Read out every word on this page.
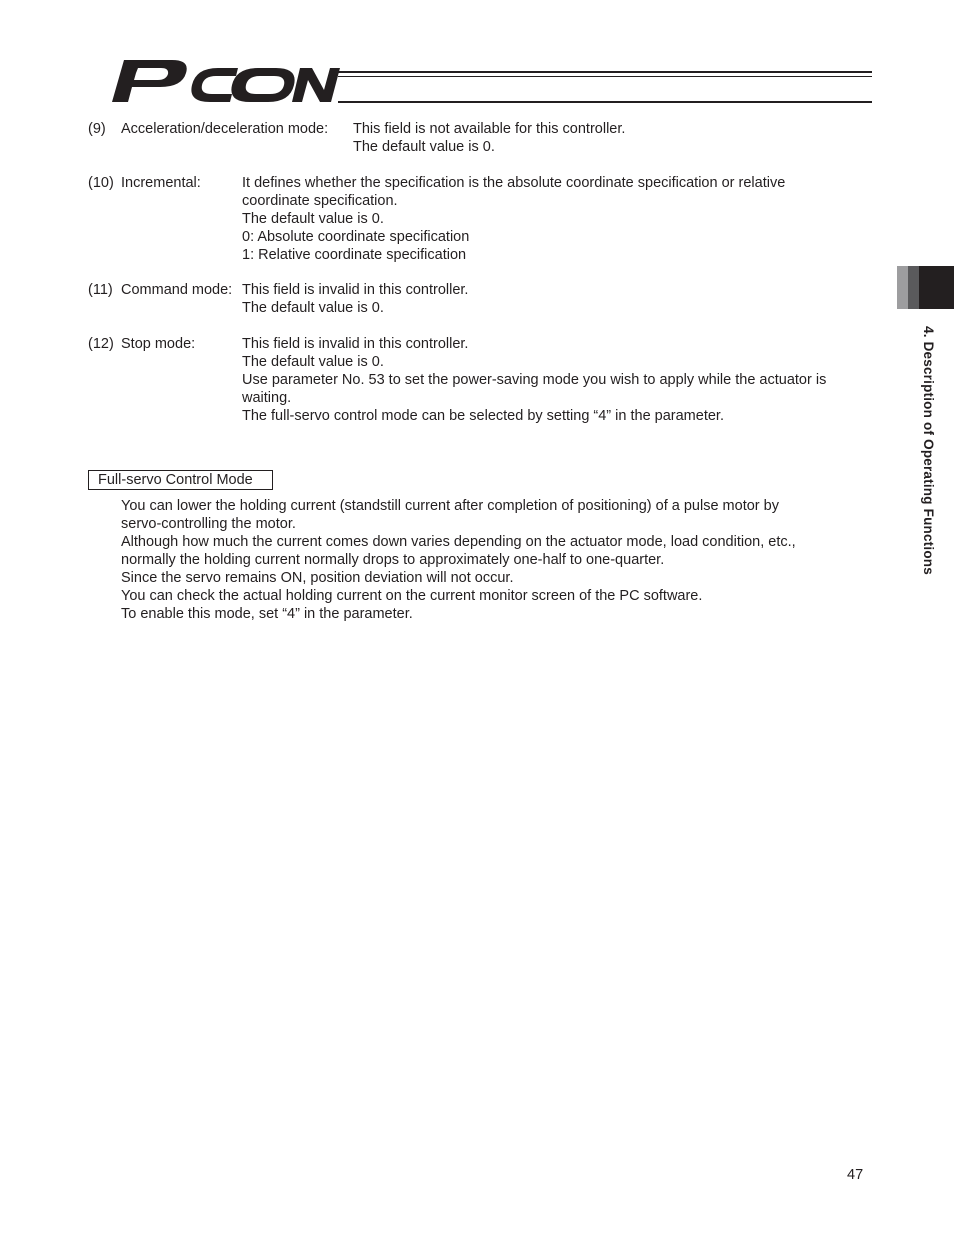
(9) Acceleration/deceleration mode: This field is not available for this controller.
The default value is 0.
(10) Incremental:	It defines whether the specification is the absolute coordinate specification or relative
coordinate specification.
The default value is 0.
0: Absolute coordinate specification
1: Relative coordinate specification
(11) Command mode: This field is invalid in this controller.
The default value is 0.
(12) Stop mode:	This field is invalid in this controller.
The default value is 0.
Use parameter No. 53 to set the power-saving mode you wish to apply while the actuator is
waiting.
The full-servo control mode can be selected by setting “4” in the parameter.
Full-servo Control Mode
You can lower the holding current (standstill current after completion of positioning) of a pulse motor by
servo-controlling the motor.
Although how much the current comes down varies depending on the actuator mode, load condition, etc.,
normally the holding current normally drops to approximately one-half to one-quarter.
Since the servo remains ON, position deviation will not occur.
You can check the actual holding current on the current monitor screen of the PC software.
To enable this mode, set “4” in the parameter.
4. Description of Operating Functions
47
